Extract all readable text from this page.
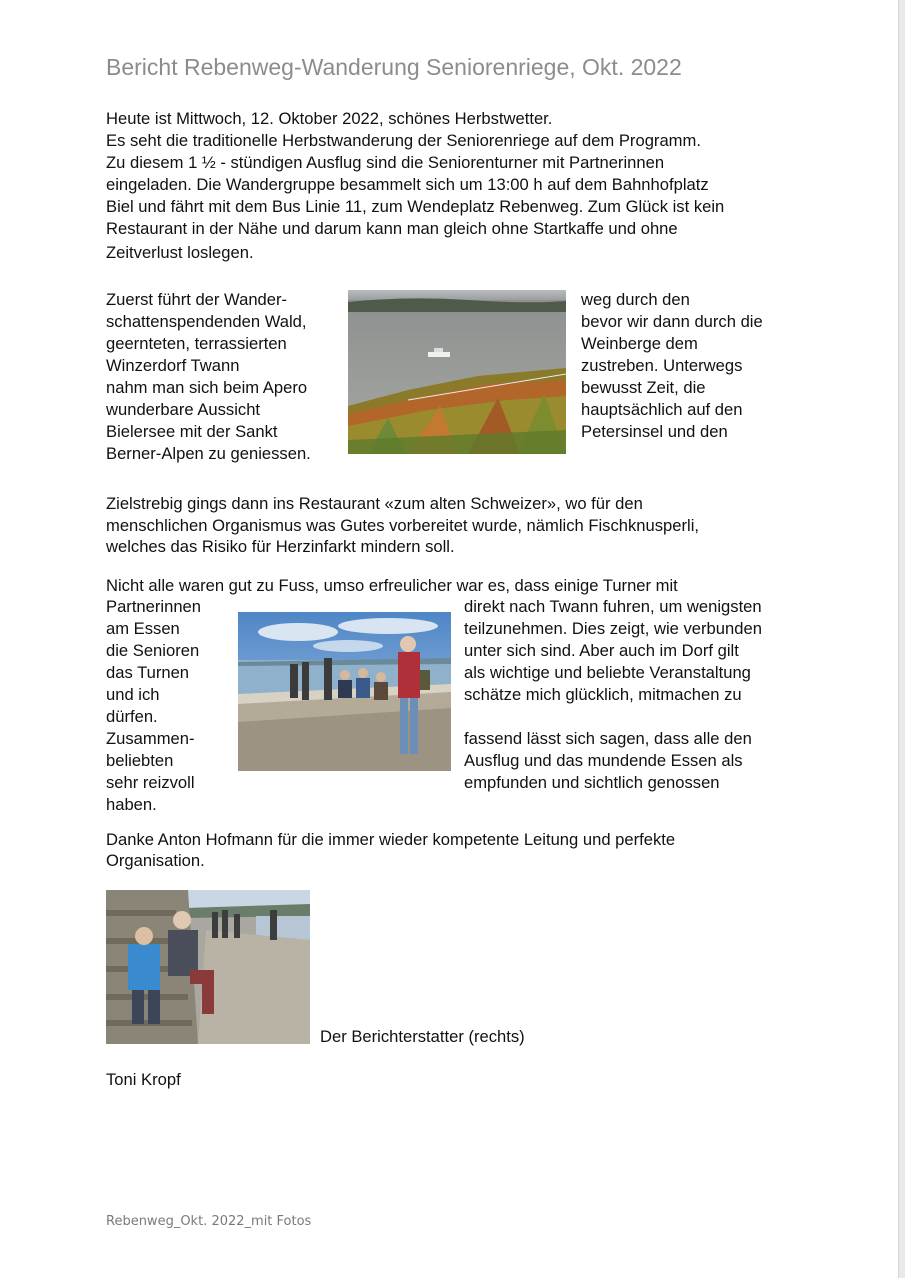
Bericht Rebenweg-Wanderung Seniorenriege, Okt. 2022
Heute ist Mittwoch, 12. Oktober 2022, schönes Herbstwetter.
Es seht die traditionelle Herbstwanderung der Seniorenriege auf dem Programm.
Zu diesem 1 ½ - stündigen Ausflug sind die Seniorenturner mit Partnerinnen
eingeladen. Die Wandergruppe besammelt sich um 13:00 h auf dem Bahnhofplatz
Biel und fährt mit dem Bus Linie 11, zum Wendeplatz Rebenweg. Zum Glück ist kein
Restaurant in der Nähe und darum kann man gleich ohne Startkaffe und ohne
Zeitverlust loslegen.
Zuerst führt der Wander-
schattenspendenden Wald,
geernteten, terrassierten
Winzerdorf Twann
nahm man sich beim Apero
wunderbare Aussicht
Bielersee mit der Sankt
Berner-Alpen zu geniessen.
weg durch den
bevor wir dann durch die
Weinberge dem
zustreben. Unterwegs
bewusst Zeit, die
hauptsächlich auf den
Petersinsel und den
Zielstrebig gings dann ins Restaurant «zum alten Schweizer», wo für den
menschlichen Organismus was Gutes vorbereitet wurde, nämlich Fischknusperli,
welches das Risiko für Herzinfarkt mindern soll.
Nicht alle waren gut zu Fuss, umso erfreulicher war es, dass einige Turner mit
Partnerinnen
am Essen
die Senioren
das Turnen
und ich
dürfen.
Zusammen-
beliebten
sehr reizvoll
haben.
direkt nach Twann fuhren, um wenigsten
teilzunehmen. Dies zeigt, wie verbunden
unter sich sind. Aber auch im Dorf gilt
als wichtige und beliebte Veranstaltung
schätze mich glücklich, mitmachen zu
fassend lässt sich sagen, dass alle den
Ausflug und das mundende Essen als
empfunden und sichtlich genossen
Danke Anton Hofmann für die immer wieder kompetente Leitung und perfekte
Organisation.
Der Berichterstatter (rechts)
Toni Kropf
Rebenweg_Okt. 2022_mit Fotos
